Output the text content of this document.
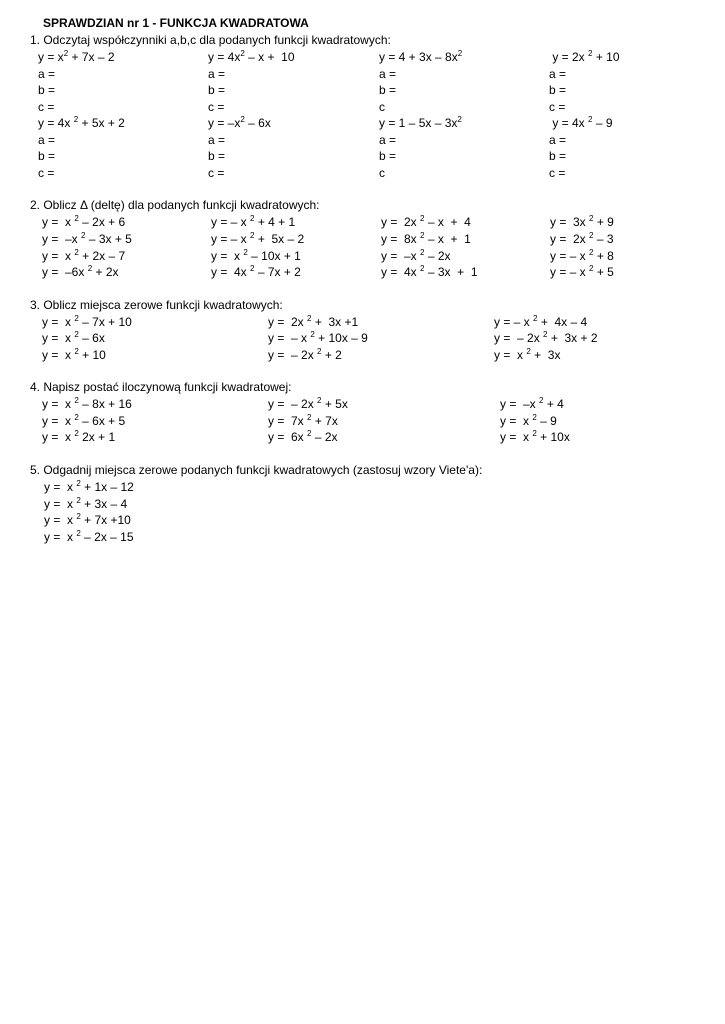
SPRAWDZIAN nr 1 - FUNKCJA KWADRATOWA
1. Odczytaj współczynniki a,b,c dla podanych funkcji kwadratowych:
$y = x^2 + 7x - 2$	$y = 4x^2 - x + 10$	$y = 4 + 3x - 8x^2$	y = 2x $^2$ + 10
a =	a =	a =	a =
b =	b =	b =	b =
c =	c =	c	c =
y = 4x $^2$ + 5x + 2	$y = -x^2 - 6x$	$y = 1 - 5x - 3x^2$	y = 4x $^2$ – 9
a =	a =	a =	a =
b =	b =	b =	b =
c =	c =	c	c =
2. Oblicz Δ (deltę) dla podanych funkcji kwadratowych:
y =  x $^2$ – 2x + 6	y = – x $^2$ + 4 + 1	y =  2x $^2$ – x  +  4	y =  3x $^2$ + 9
y =  –x $^2$ – 3x + 5	y = – x $^2$ +  5x – 2	y =  8x $^2$ – x  +  1	y =  2x $^2$ – 3
y =  x $^2$ + 2x – 7	y =  x $^2$ – 10x + 1	y =  –x $^2$ – 2x	y = – x $^2$ + 8
y =  –6x $^2$ + 2x	y =  4x $^2$ – 7x + 2	y =  4x $^2$ – 3x  +  1	y = – x $^2$ + 5
3. Oblicz miejsca zerowe funkcji kwadratowych:
y =  x $^2$ – 7x + 10	y =  2x $^2$ +  3x +1	y = – x $^2$ +  4x – 4
y =  x $^2$ – 6x	y =  – x $^2$ + 10x – 9	y =  – 2x $^2$ +  3x + 2
y =  x $^2$ + 10	y =  – 2x $^2$ + 2	y =  x $^2$ +  3x
4. Napisz postać iloczynową funkcji kwadratowej:
y =  x $^2$ – 8x + 16	y =  – 2x $^2$ + 5x	y =  –x $^2$ + 4
y =  x $^2$ – 6x + 5	y =  7x $^2$ + 7x	y =  x $^2$ – 9
y =  x $^2$ 2x + 1	y =  6x $^2$ – 2x	y =  x $^2$ + 10x
5. Odgadnij miejsca zerowe podanych funkcji kwadratowych (zastosuj wzory Viete'a):
y =  x $^2$ + 1x – 12
y =  x $^2$ + 3x – 4
y =  x $^2$ + 7x +10
y =  x $^2$ – 2x – 15
